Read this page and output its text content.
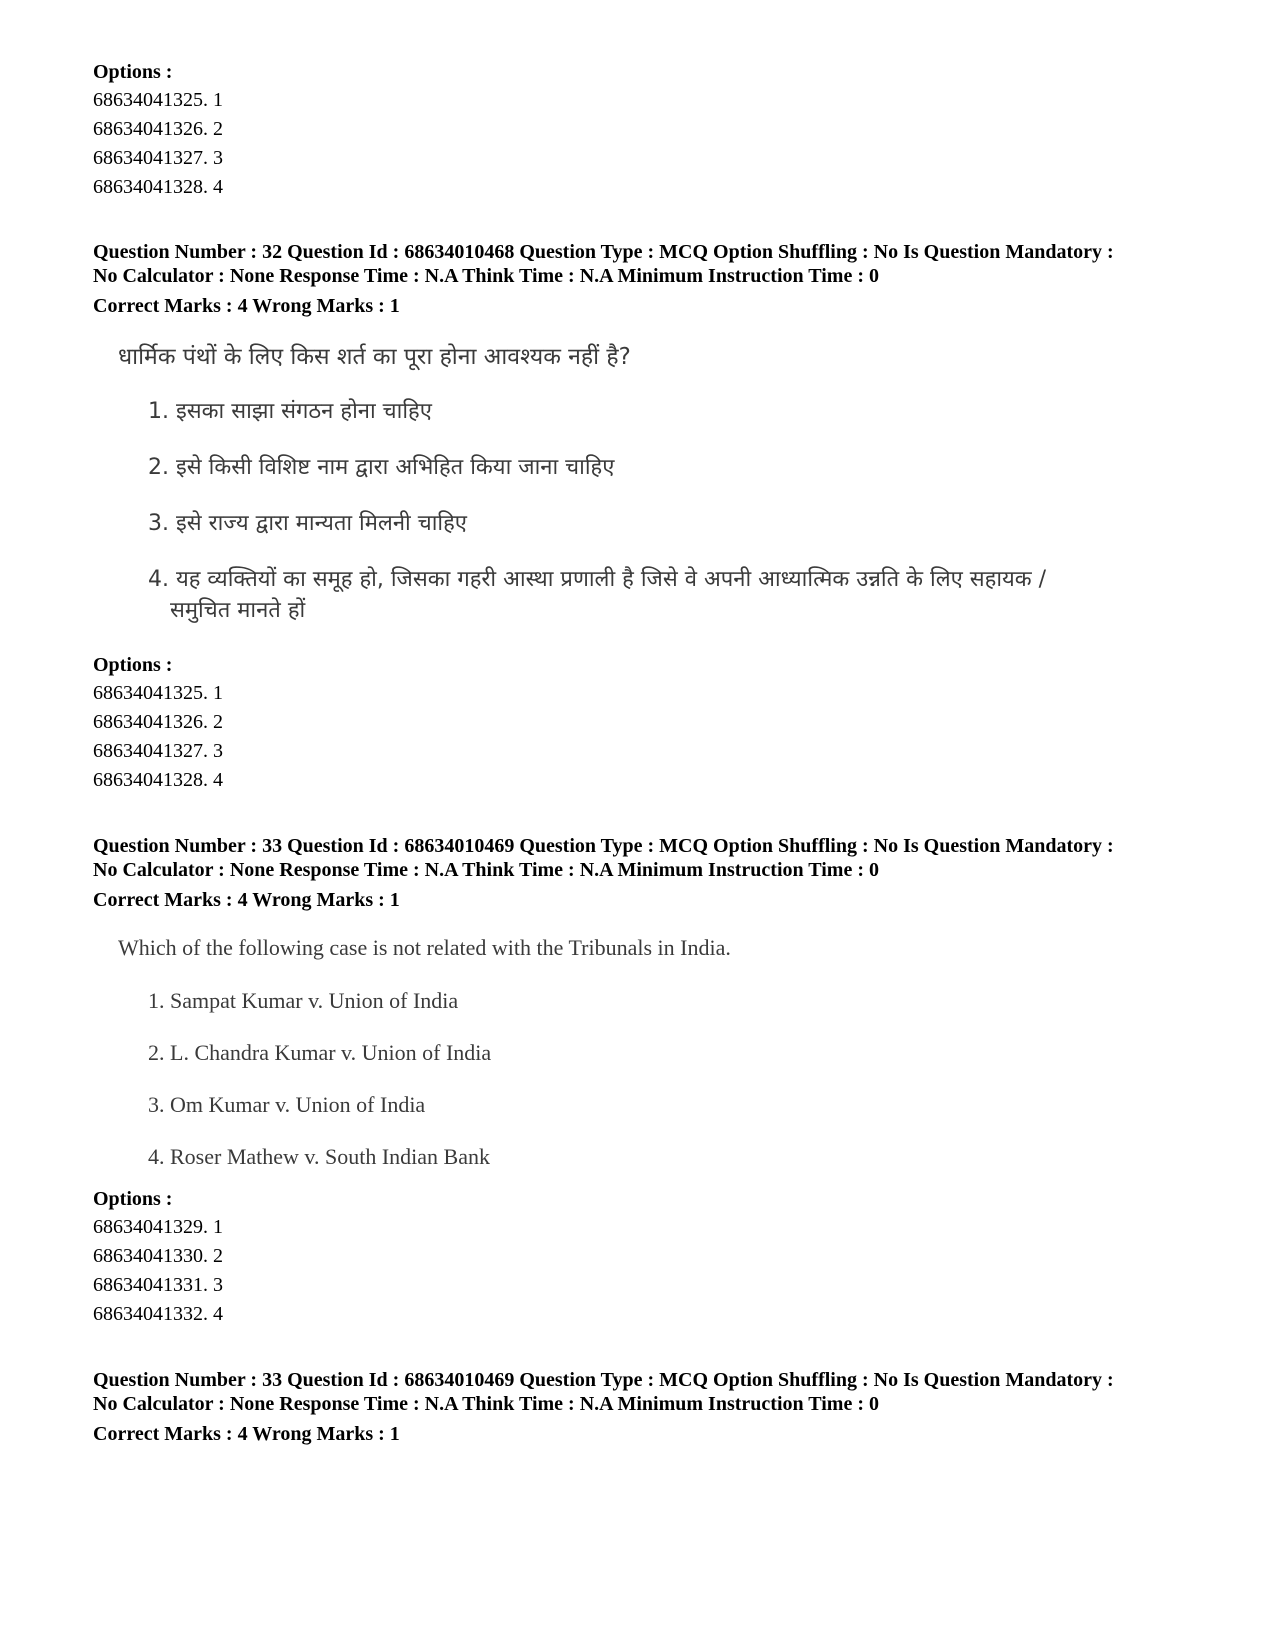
Options :
68634041325. 1
68634041326. 2
68634041327. 3
68634041328. 4
Question Number : 32 Question Id : 68634010468 Question Type : MCQ Option Shuffling : No Is Question Mandatory :
No Calculator : None Response Time : N.A Think Time : N.A Minimum Instruction Time : 0
Correct Marks : 4 Wrong Marks : 1
धार्मिक पंथों के लिए किस शर्त का पूरा होना आवश्यक नहीं है?
1. इसका साझा संगठन होना चाहिए
2. इसे किसी विशिष्ट नाम द्वारा अभिहित किया जाना चाहिए
3. इसे राज्य द्वारा मान्यता मिलनी चाहिए
4. यह व्यक्तियों का समूह हो, जिसका गहरी आस्था प्रणाली है जिसे वे अपनी आध्यात्मिक उन्नति के लिए सहायक /
समुचित मानते हों
Options :
68634041325. 1
68634041326. 2
68634041327. 3
68634041328. 4
Question Number : 33 Question Id : 68634010469 Question Type : MCQ Option Shuffling : No Is Question Mandatory :
No Calculator : None Response Time : N.A Think Time : N.A Minimum Instruction Time : 0
Correct Marks : 4 Wrong Marks : 1
Which of the following case is not related with the Tribunals in India.
1. Sampat Kumar v. Union of India
2. L. Chandra Kumar v. Union of India
3. Om Kumar v. Union of India
4. Roser Mathew v. South Indian Bank
Options :
68634041329. 1
68634041330. 2
68634041331. 3
68634041332. 4
Question Number : 33 Question Id : 68634010469 Question Type : MCQ Option Shuffling : No Is Question Mandatory :
No Calculator : None Response Time : N.A Think Time : N.A Minimum Instruction Time : 0
Correct Marks : 4 Wrong Marks : 1
